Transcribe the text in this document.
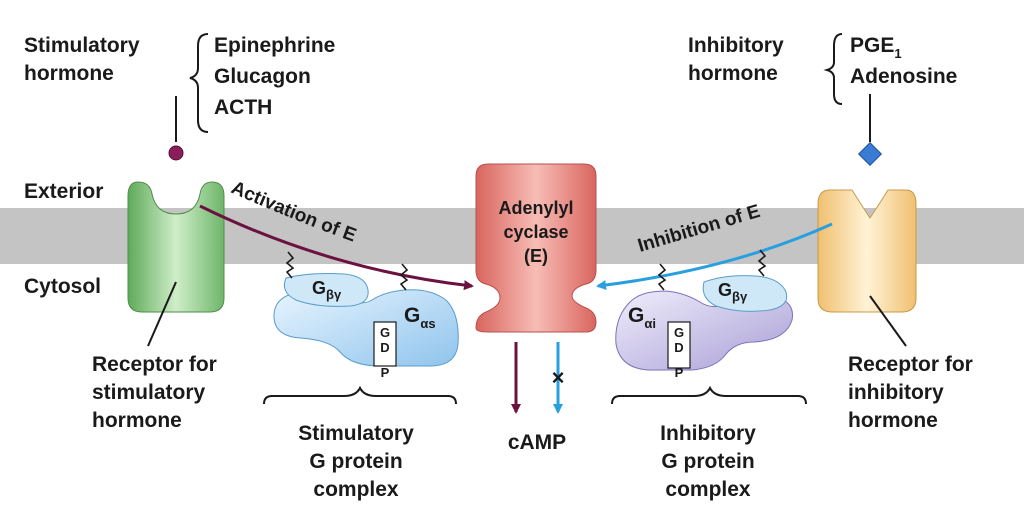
Stimulatory
hormone
Epinephrine
Glucagon
ACTH
Inhibitory
hormone
$PGE_1$
Adenosine
Exterior
Cytosol
Receptor for
stimulatory
hormone
Receptor for
inhibitory
hormone
Adenylyl
cyclase
(E)
Activation of E	Inhibition of E
$G_{\beta\gamma}$
$G_{\alpha s}$
G
D
P
Stimulatory
G protein
complex
$G_{\beta\gamma}$
$G_{\alpha i}$
G
D
P
Inhibitory
G protein
complex
×
cAMP
